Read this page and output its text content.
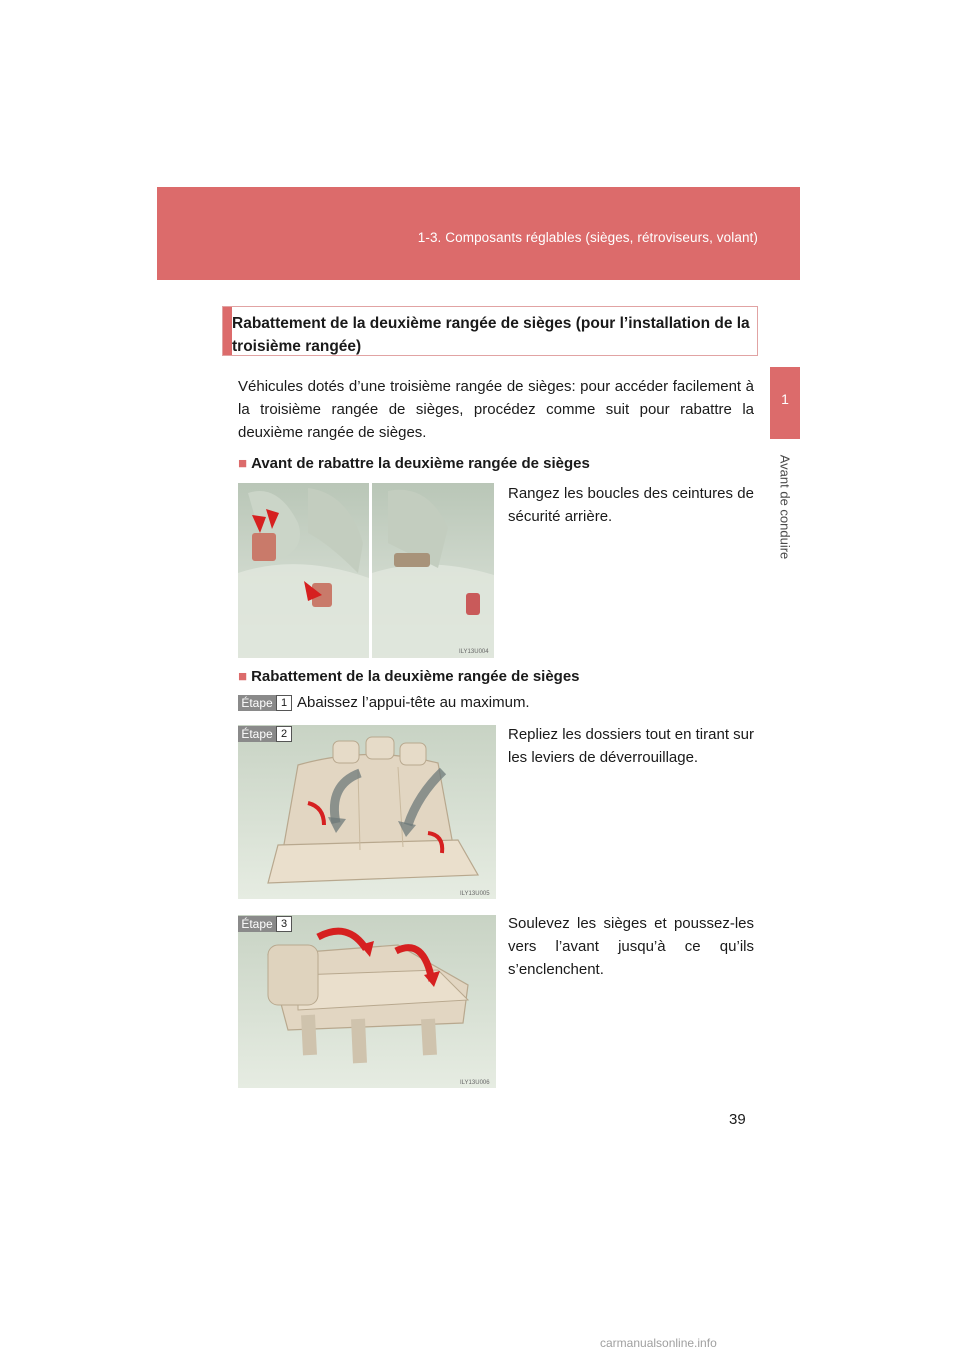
1-3. Composants réglables (sièges, rétroviseurs, volant)
1
Avant de conduire
Rabattement de la deuxième rangée de sièges (pour l’installation de la troisième rangée)
Véhicules dotés d’une troisième rangée de sièges: pour accéder facilement à la troisième rangée de sièges, procédez comme suit pour rabattre la deuxième rangée de sièges.
■ Avant de rabattre la deuxième rangée de sièges
ILY13U004
Rangez les boucles des ceintures de sécurité arrière.
■ Rabattement de la deuxième rangée de sièges
Étape 1 Abaissez l’appui-tête au maximum.
ILY13U005
Étape 2	Repliez les dossiers tout en tirant sur les leviers de déverrouillage.
ILY13U006
Étape 3	Soulevez les sièges et poussez-les vers l’avant jusqu’à ce qu’ils s’enclenchent.
39
carmanualsonline.info
